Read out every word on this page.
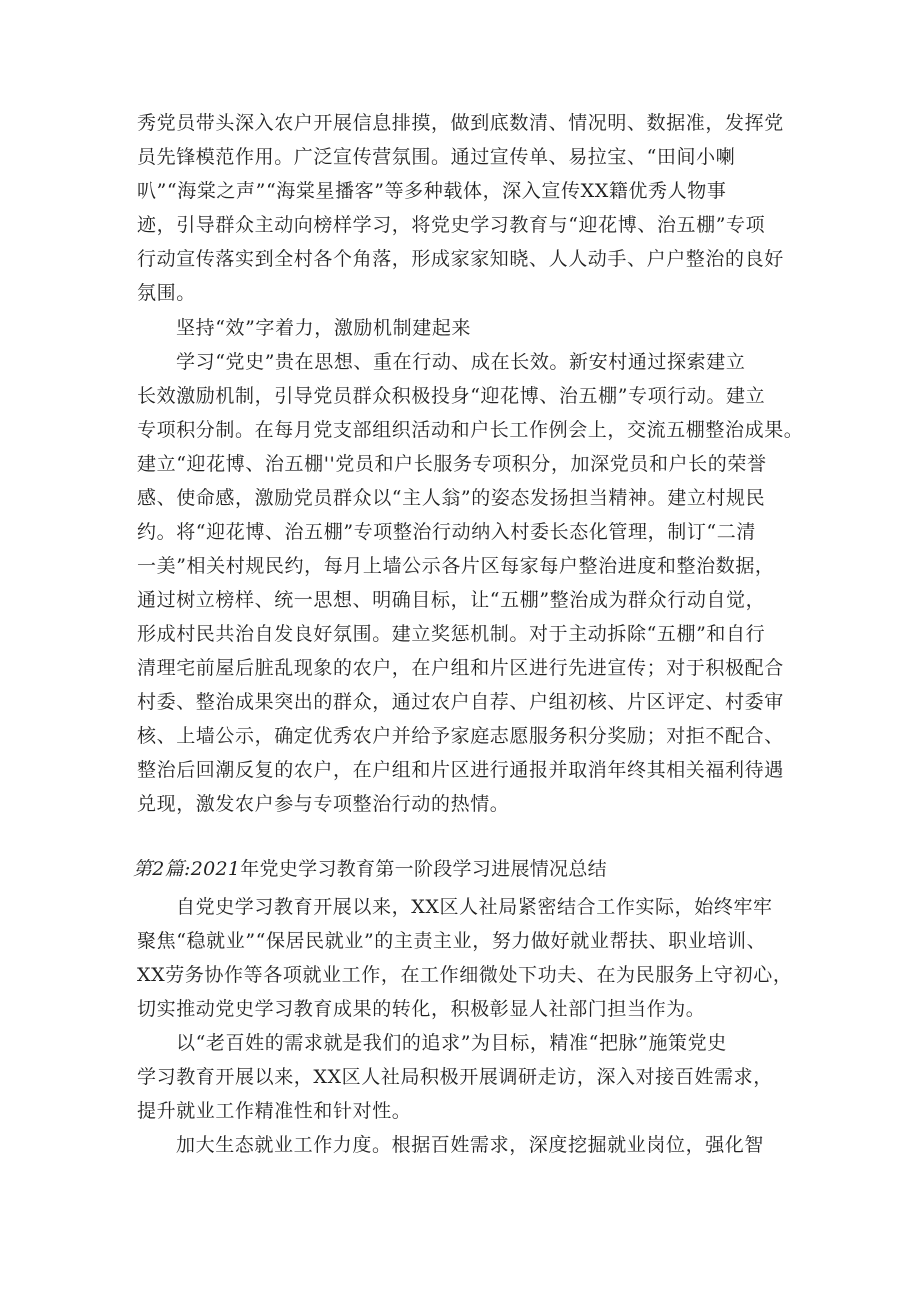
秀党员带头深入农户开展信息排摸，做到底数清、情况明、数据准，发挥党
员先锋模范作用。广泛宣传营氛围。通过宣传单、易拉宝、“田间小喇
叭”“海棠之声”“海棠星播客”等多种载体，深入宣传XX籍优秀人物事
迹，引导群众主动向榜样学习，将党史学习教育与“迎花博、治五棚”专项
行动宣传落实到全村各个角落，形成家家知晓、人人动手、户户整治的良好
氛围。
坚持“效”字着力，激励机制建起来
学习“党史”贵在思想、重在行动、成在长效。新安村通过探索建立
长效激励机制，引导党员群众积极投身“迎花博、治五棚”专项行动。建立
专项积分制。在每月党支部组织活动和户长工作例会上，交流五棚整治成果。
建立“迎花博、治五棚''党员和户长服务专项积分，加深党员和户长的荣誉
感、使命感，激励党员群众以“主人翁”的姿态发扬担当精神。建立村规民
约。将“迎花博、治五棚”专项整治行动纳入村委长态化管理，制订“二清
一美”相关村规民约，每月上墙公示各片区每家每户整治进度和整治数据，
通过树立榜样、统一思想、明确目标，让“五棚”整治成为群众行动自觉，
形成村民共治自发良好氛围。建立奖惩机制。对于主动拆除“五棚”和自行
清理宅前屋后脏乱现象的农户，在户组和片区进行先进宣传；对于积极配合
村委、整治成果突出的群众，通过农户自荐、户组初核、片区评定、村委审
核、上墙公示，确定优秀农户并给予家庭志愿服务积分奖励；对拒不配合、
整治后回潮反复的农户，在户组和片区进行通报并取消年终其相关福利待遇
兑现，激发农户参与专项整治行动的热情。
第2篇:2021年党史学习教育第一阶段学习进展情况总结
自党史学习教育开展以来，XX区人社局紧密结合工作实际，始终牢牢
聚焦“稳就业”“保居民就业”的主责主业，努力做好就业帮扶、职业培训、
XX劳务协作等各项就业工作，在工作细微处下功夫、在为民服务上守初心，
切实推动党史学习教育成果的转化，积极彰显人社部门担当作为。
以“老百姓的需求就是我们的追求”为目标，精准“把脉”施策党史
学习教育开展以来，XX区人社局积极开展调研走访，深入对接百姓需求，
提升就业工作精准性和针对性。
加大生态就业工作力度。根据百姓需求，深度挖掘就业岗位，强化智
